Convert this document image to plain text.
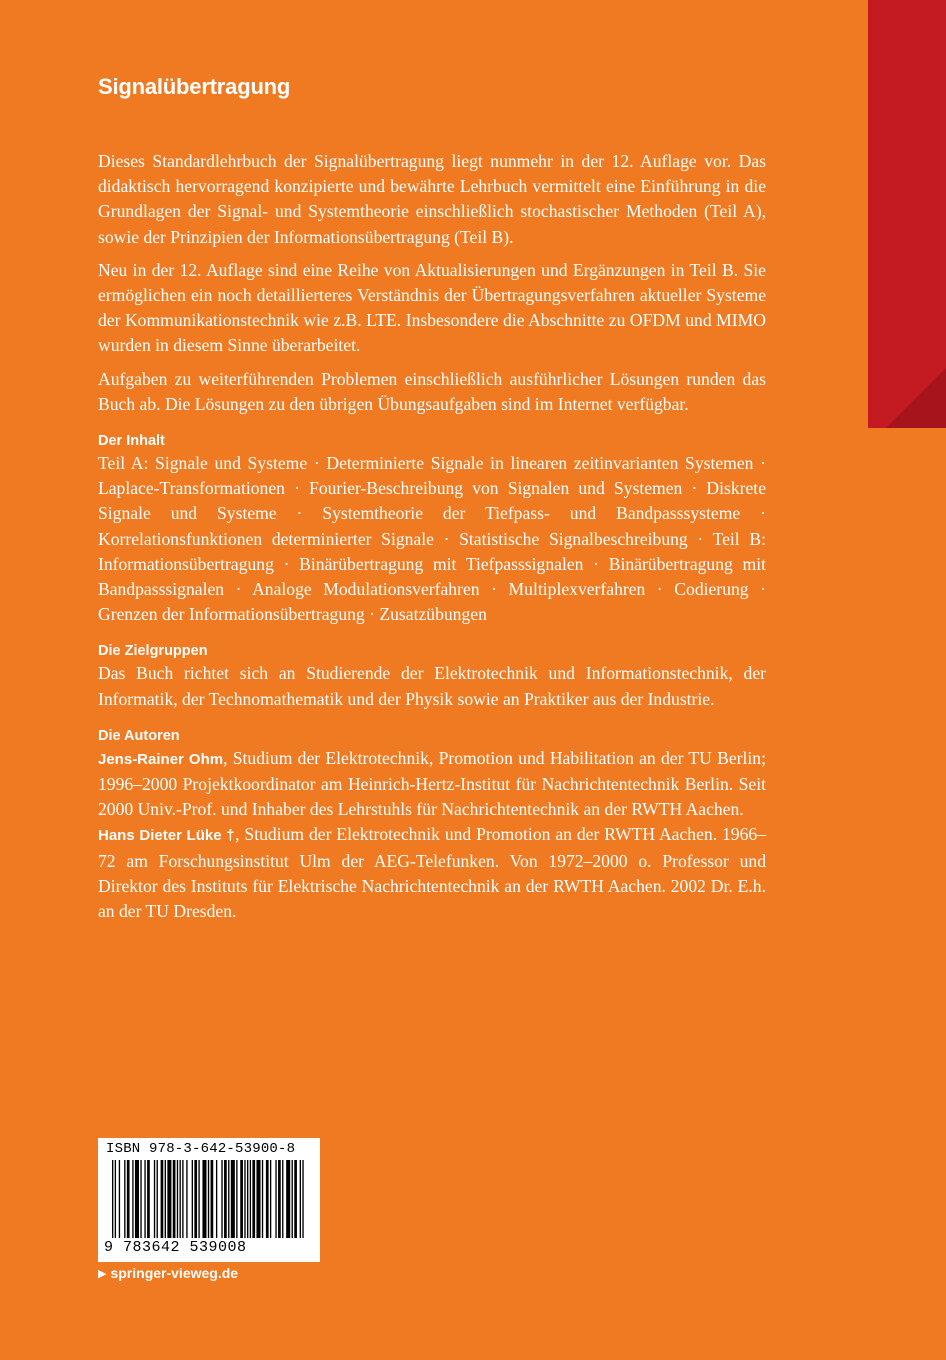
Signalübertragung

Dieses Standardlehrbuch der Signalübertragung liegt nunmehr in der 12. Auflage vor. Das didaktisch hervorragend konzipierte und bewährte Lehrbuch vermittelt eine Einführung in die Grundlagen der Signal- und Systemtheorie einschließlich stochastischer Methoden (Teil A), sowie der Prinzipien der Informationsübertragung (Teil B).

Neu in der 12. Auflage sind eine Reihe von Aktualisierungen und Ergänzungen in Teil B. Sie ermöglichen ein noch detaillierteres Verständnis der Übertragungsverfahren aktueller Systeme der Kommunikationstechnik wie z.B. LTE. Insbesondere die Abschnitte zu OFDM und MIMO wurden in diesem Sinne überarbeitet.

Aufgaben zu weiterführenden Problemen einschließlich ausführlicher Lösungen runden das Buch ab. Die Lösungen zu den übrigen Übungsaufgaben sind im Internet verfügbar.

Der Inhalt

Teil A: Signale und Systeme · Determinierte Signale in linearen zeitinvarianten Systemen · Laplace-Transformationen · Fourier-Beschreibung von Signalen und Systemen · Diskrete Signale und Systeme · Systemtheorie der Tiefpass- und Bandpasssysteme · Korrelationsfunktionen determinierter Signale · Statistische Signalbeschreibung · Teil B: Informationsübertragung · Binärübertragung mit Tiefpasssignalen · Binärübertragung mit Bandpasssignalen · Analoge Modulationsverfahren · Multiplexverfahren · Codierung · Grenzen der Informationsübertragung · Zusatzübungen

Die Zielgruppen

Das Buch richtet sich an Studierende der Elektrotechnik und Informationstechnik, der Informatik, der Technomathematik und der Physik sowie an Praktiker aus der Industrie.

Die Autoren

Jens-Rainer Ohm, Studium der Elektrotechnik, Promotion und Habilitation an der TU Berlin; 1996–2000 Projektkoordinator am Heinrich-Hertz-Institut für Nachrichtentechnik Berlin. Seit 2000 Univ.-Prof. und Inhaber des Lehrstuhls für Nachrichtentechnik an der RWTH Aachen.

Hans Dieter Lüke †, Studium der Elektrotechnik und Promotion an der RWTH Aachen. 1966–72 am Forschungsinstitut Ulm der AEG-Telefunken. Von 1972–2000 o. Professor und Direktor des Instituts für Elektrische Nachrichtentechnik an der RWTH Aachen. 2002 Dr. E.h. an der TU Dresden.

ISBN 978-3-642-53900-8
9 783642 539008
▶ springer-vieweg.de
